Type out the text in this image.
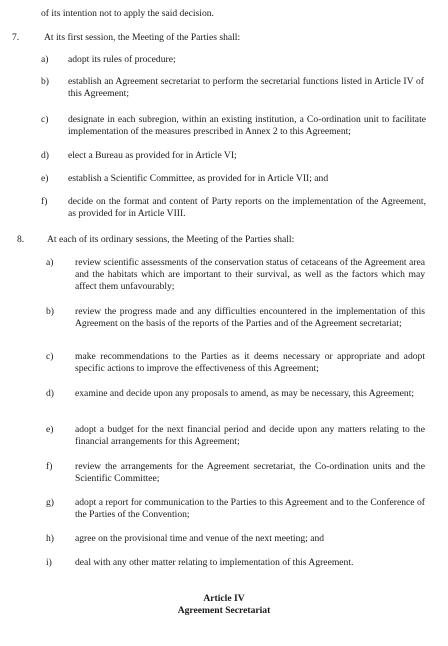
of its intention not to apply the said decision.
7.	At its first session, the Meeting of the Parties shall:
a) adopt its rules of procedure;
b) establish an Agreement secretariat to perform the secretarial functions listed in Article IV of this Agreement;
c) designate in each subregion, within an existing institution, a Co-ordination unit to facilitate implementation of the measures prescribed in Annex 2 to this Agreement;
d) elect a Bureau as provided for in Article VI;
e) establish a Scientific Committee, as provided for in Article VII; and
f) decide on the format and content of Party reports on the implementation of the Agreement, as provided for in Article VIII.
8. At each of its ordinary sessions, the Meeting of the Parties shall:
a) review scientific assessments of the conservation status of cetaceans of the Agreement area and the habitats which are important to their survival, as well as the factors which may affect them unfavourably;
b) review the progress made and any difficulties encountered in the implementation of this Agreement on the basis of the reports of the Parties and of the Agreement secretariat;
c) make recommendations to the Parties as it deems necessary or appropriate and adopt specific actions to improve the effectiveness of this Agreement;
d) examine and decide upon any proposals to amend, as may be necessary, this Agreement;
e) adopt a budget for the next financial period and decide upon any matters relating to the financial arrangements for this Agreement;
f) review the arrangements for the Agreement secretariat, the Co-ordination units and the Scientific Committee;
g) adopt a report for communication to the Parties to this Agreement and to the Conference of the Parties of the Convention;
h) agree on the provisional time and venue of the next meeting; and
i) deal with any other matter relating to implementation of this Agreement.
Article IV
Agreement Secretariat
